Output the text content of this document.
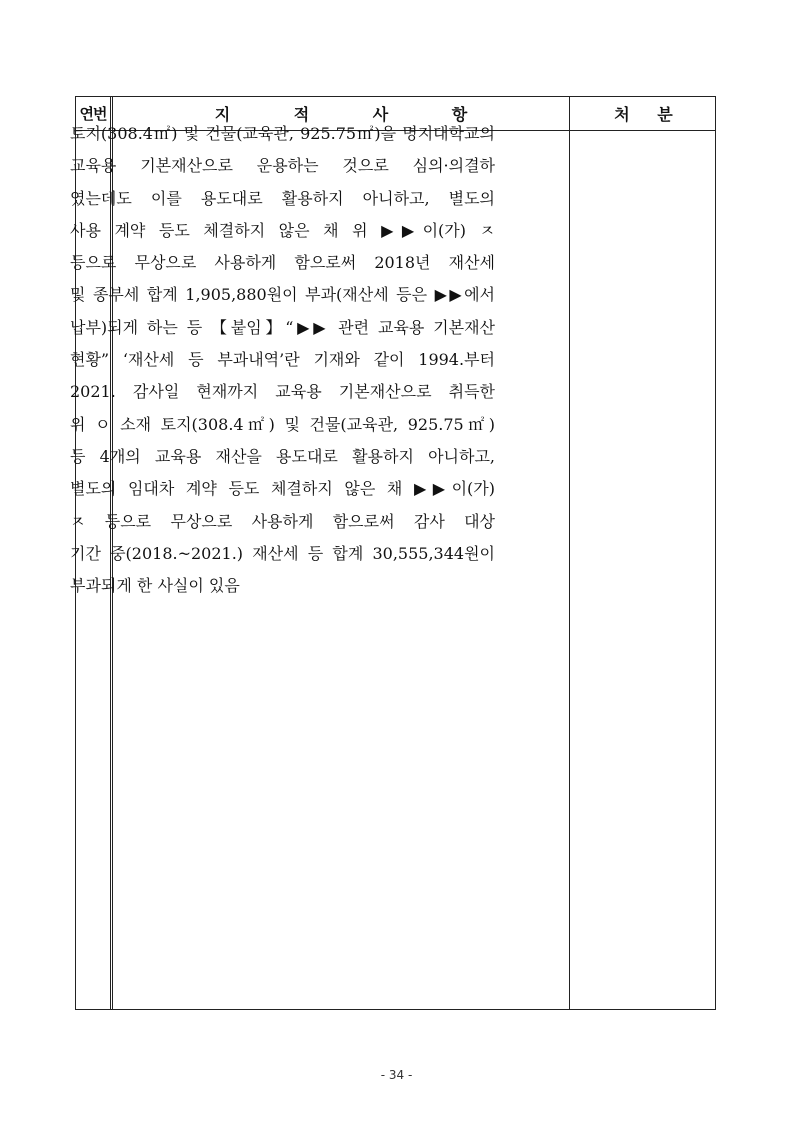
연번	지 적 사 항	처 분
토지(308.4㎡) 및 건물(교육관, 925.75㎡)을 명지대학교의
교육용 기본재산으로 운용하는 것으로 심의·의결하
였는데도 이를 용도대로 활용하지 아니하고, 별도의
사용 계약 등도 체결하지 않은 채 위 ▶▶이(가) ㅈ
등으로 무상으로 사용하게 함으로써 2018년 재산세
및 종부세 합계 1,905,880원이 부과(재산세 등은 ▶▶에서
납부)되게 하는 등 【붙임】“▶▶ 관련 교육용 기본재산
현황” ‘재산세 등 부과내역’란 기재와 같이 1994.부터
2021. 감사일 현재까지 교육용 기본재산으로 취득한
위 ㅇ 소재 토지(308.4㎡) 및 건물(교육관, 925.75㎡)
등 4개의 교육용 재산을 용도대로 활용하지 아니하고,
별도의 임대차 계약 등도 체결하지 않은 채 ▶▶이(가)
ㅈ 등으로 무상으로 사용하게 함으로써 감사 대상
기간 중(2018.~2021.) 재산세 등 합계 30,555,344원이
부과되게 한 사실이 있음
- 34 -
